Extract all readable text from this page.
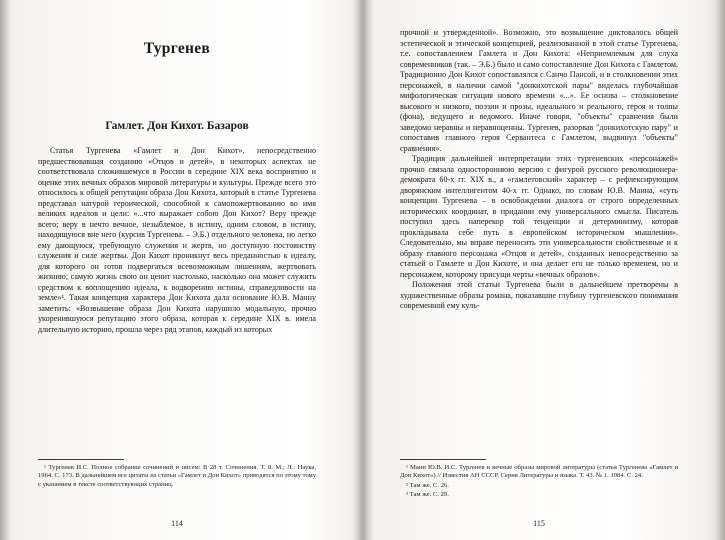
Тургенев
Гамлет. Дон Кихот. Базаров

Статья Тургенева «Гамлет и Дон Кихот», непосредственно предшествовавшая созданию «Отцов и детей», в некоторых аспектах не соответствовала сложившемуся в России в середине XIX века восприятию и оценке этих вечных образов мировой литературы и культуры. Прежде всего это относилось к общей репутации образа Дон Кихота, который в статье Тургенева представал натурой героической, способной к самопожертвованию во имя великих идеалов и цели: «...что выражает собою Дон Кихот? Веру прежде всего; веру в нечто вечное, незыблемое, в истину, одним словом, в истину, находящуюся вне него (курсив Тургенева. – Э.Б.) отдельного человека, но легко ему дающуюся, требующую служения и жертв, но доступную постоянству служения и силе жертвы. Дон Кихот проникнут весь преданностью к идеалу, для которого он готов подвергаться всевозможным лишениям, жертвовать жизнию; самую жизнь свою он ценит настолько, насколько она может служить средством к воплощению идеала, к водворению истины, справедливости на земле»¹. Такая концепция характера Дон Кихота дала основание Ю.В. Манну заметить: «Возвышение образа Дон Кихота нарушило модальную, прочно укоренившуюся репутацию этого образа, которая к середине XIX в. имела длительную историю, прошла через ряд этапов, каждый из которых

¹ Тургенев И.С. Полное собрание сочинений и писем: В 28 т. Сочинения. Т. 8. М.; Л.: Наука, 1964. С. 173. В дальнейшем все цитаты из статьи «Гамлет и Дон Кихот» приводятся по этому тому с указанием в тексте соответствующих страниц.

прочной и утвержденной». Возможно, это возвышение диктовалось общей эстетической и этической концепцией, реализованной в этой статье Тургенева, т.е. сопоставлением Гамлета и Дон Кихота: «Неприемлемым для слуха современников (так. – Э.Б.) было и само сопоставление Дон Кихота с Гамлетом. Традиционно Дон Кихот сопоставлялся с Санчо Пансой, и в столкновении этих персонажей, в наличии самой "донкихотской пары" виделась глубочайшая мифологическая ситуация нового времени «...». Ее основа – столкновение высокого и низкого, поэзии и прозы, идеального и реального, героя и толпы (фона), ведущего и ведомого. Иначе говоря, "объекты" сравнения были заведомо неравны и неравноценны. Тургенев, разорвав "донкихотскую пару" и сопоставив главного героя Сервантеса с Гамлетом, выдвинул "объекты" сравнения».

Традиция дальнейшей интерпретации этих тургеневских «персонажей» прочно связала одностороннюю версию с фигурой русского революционера-демократа 60-х гг. XIX в., а «гамлетовский» характер – с рефлексирующим дворянским интеллигентом 40-х гг. Однако, по словам Ю.В. Манна, «суть концепции Тургенева – в освобождении диалога от строго определенных исторических координат, в придании ему универсального смысла. Писатель поступил здесь наперекор той тенденции и детерминизму, которая прокладывала себе путь в европейском историческом мышлении». Следовательно, мы вправе переносить эти универсальности свойственные и к образу главного персонажа «Отцов и детей», созданных непосредственно за статьей о Гамлете и Дон Кихоте, и она делает его не только временем, но и персонажем, которому присущи черты «вечных образов».

Положения этой статьи Тургенева были в дальнейшем претворены в художественные образы романа, показавшие глубину тургеневского понимания современной ему куль-

¹ Манн Ю.В. И.С. Тургенев и вечные образы мировой литературы (статья Тургенева «Гамлет и Дон Кихот») // Известия АН СССР. Серия Литературы и языка. Т. 43. № 1. 1984. С. 24.

² Там же. С. 26.

³ Там же. С. 29.

114	115
